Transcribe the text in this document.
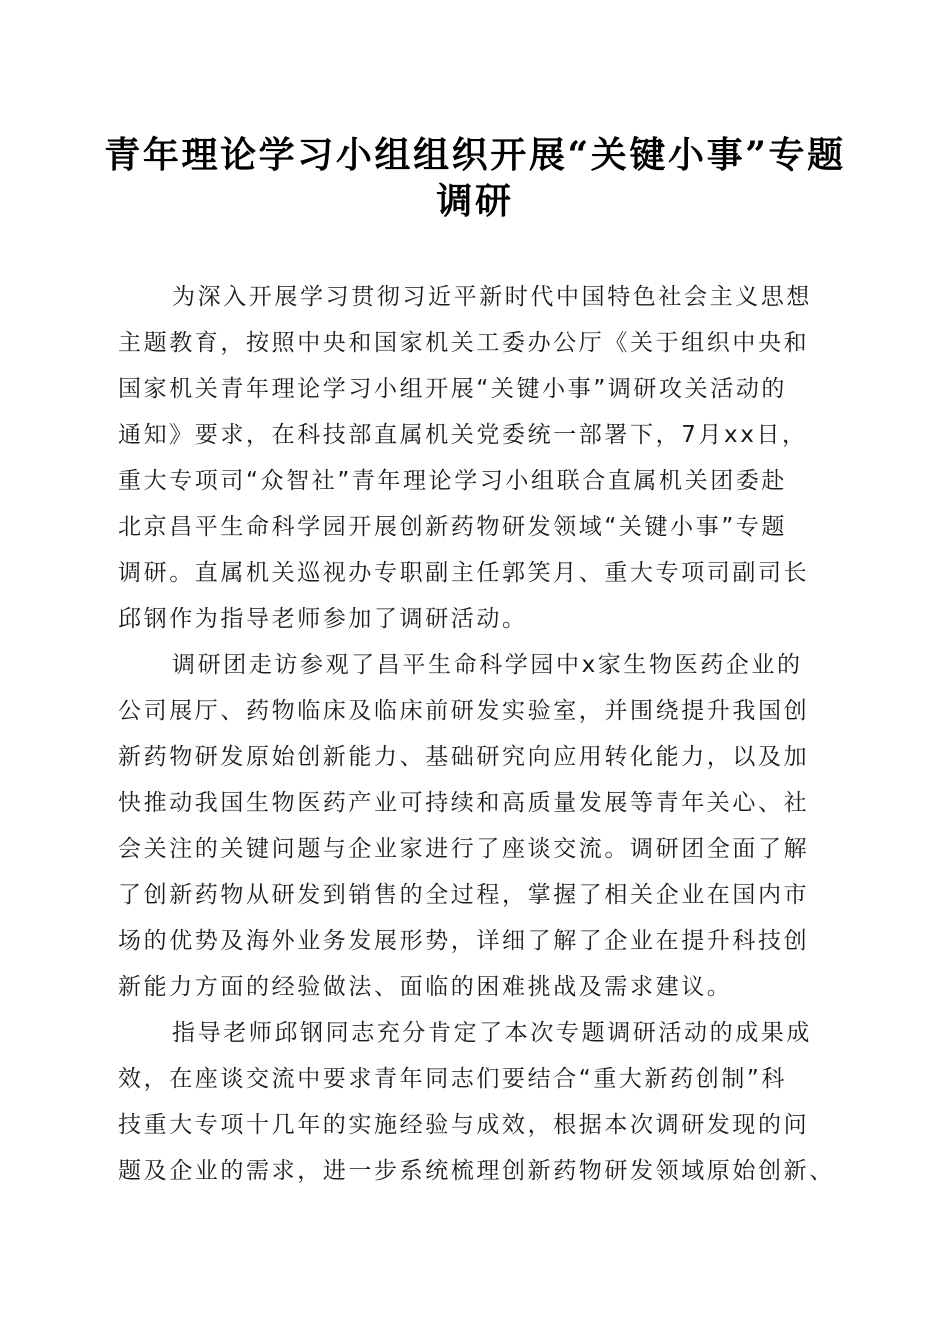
青年理论学习小组组织开展“关键小事”专题
调研

为深入开展学习贯彻习近平新时代中国特色社会主义思想
主题教育，按照中央和国家机关工委办公厅《关于组织中央和
国家机关青年理论学习小组开展“关键小事”调研攻关活动的
通知》要求，在科技部直属机关党委统一部署下，7月xx日，
重大专项司“众智社”青年理论学习小组联合直属机关团委赴
北京昌平生命科学园开展创新药物研发领域“关键小事”专题
调研。直属机关巡视办专职副主任郭笑月、重大专项司副司长
邱钢作为指导老师参加了调研活动。

调研团走访参观了昌平生命科学园中x家生物医药企业的
公司展厅、药物临床及临床前研发实验室，并围绕提升我国创
新药物研发原始创新能力、基础研究向应用转化能力，以及加
快推动我国生物医药产业可持续和高质量发展等青年关心、社
会关注的关键问题与企业家进行了座谈交流。调研团全面了解
了创新药物从研发到销售的全过程，掌握了相关企业在国内市
场的优势及海外业务发展形势，详细了解了企业在提升科技创
新能力方面的经验做法、面临的困难挑战及需求建议。

指导老师邱钢同志充分肯定了本次专题调研活动的成果成
效，在座谈交流中要求青年同志们要结合“重大新药创制”科
技重大专项十几年的实施经验与成效，根据本次调研发现的问
题及企业的需求，进一步系统梳理创新药物研发领域原始创新、
